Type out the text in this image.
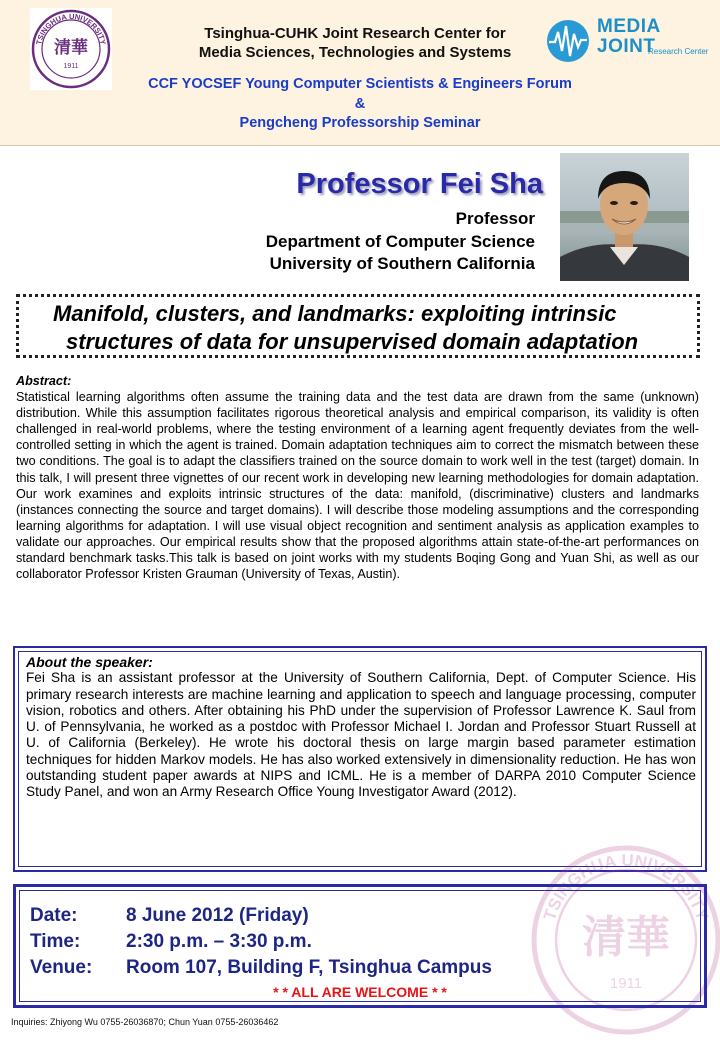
TSINGHUA UNIVERSITY
清華
1911
Tsinghua-CUHK Joint Research Center for
Media Sciences, Technologies and Systems
MEDIA
JOINT
Research Center
CCF YOCSEF Young Computer Scientists & Engineers Forum
&
Pengcheng Professorship Seminar
Professor Fei Sha
Professor
Department of Computer Science
University of Southern California
Manifold, clusters, and landmarks: exploiting intrinsic
structures of data for unsupervised domain adaptation
Abstract:
Statistical learning algorithms often assume the training data and the test data are drawn from the same (unknown) distribution. While this assumption facilitates rigorous theoretical analysis and empirical comparison, its validity is often challenged in real-world problems, where the testing environment of a learning agent frequently deviates from the well-controlled setting in which the agent is trained. Domain adaptation techniques aim to correct the mismatch between these two conditions. The goal is to adapt the classifiers trained on the source domain to work well in the test (target) domain. In this talk, I will present three vignettes of our recent work in developing new learning methodologies for domain adaptation. Our work examines and exploits intrinsic structures of the data: manifold, (discriminative) clusters and landmarks (instances connecting the source and target domains). I will describe those modeling assumptions and the corresponding learning algorithms for adaptation. I will use visual object recognition and sentiment analysis as application examples to validate our approaches. Our empirical results show that the proposed algorithms attain state-of-the-art performances on standard benchmark tasks.This talk is based on joint works with my students Boqing Gong and Yuan Shi, as well as our collaborator Professor Kristen Grauman (University of Texas, Austin).
About the speaker:
Fei Sha is an assistant professor at the University of Southern California, Dept. of Computer Science. His primary research interests are machine learning and application to speech and language processing, computer vision, robotics and others. After obtaining his PhD under the supervision of Professor Lawrence K. Saul from U. of Pennsylvania, he worked as a postdoc with Professor Michael I. Jordan and Professor Stuart Russell at U. of California (Berkeley). He wrote his doctoral thesis on large margin based parameter estimation techniques for hidden Markov models. He has also worked extensively in dimensionality reduction. He has won outstanding student paper awards at NIPS and ICML. He is a member of DARPA 2010 Computer Science Study Panel, and won an Army Research Office Young Investigator Award (2012).
TSINGHUA UNIVERSITY
清華
1911
Date:	8 June 2012 (Friday)
Time: 2:30 p.m. – 3:30 p.m.
Venue: Room 107, Building F, Tsinghua Campus
* * ALL ARE WELCOME * *
Inquiries: Zhiyong Wu 0755-26036870; Chun Yuan 0755-26036462
